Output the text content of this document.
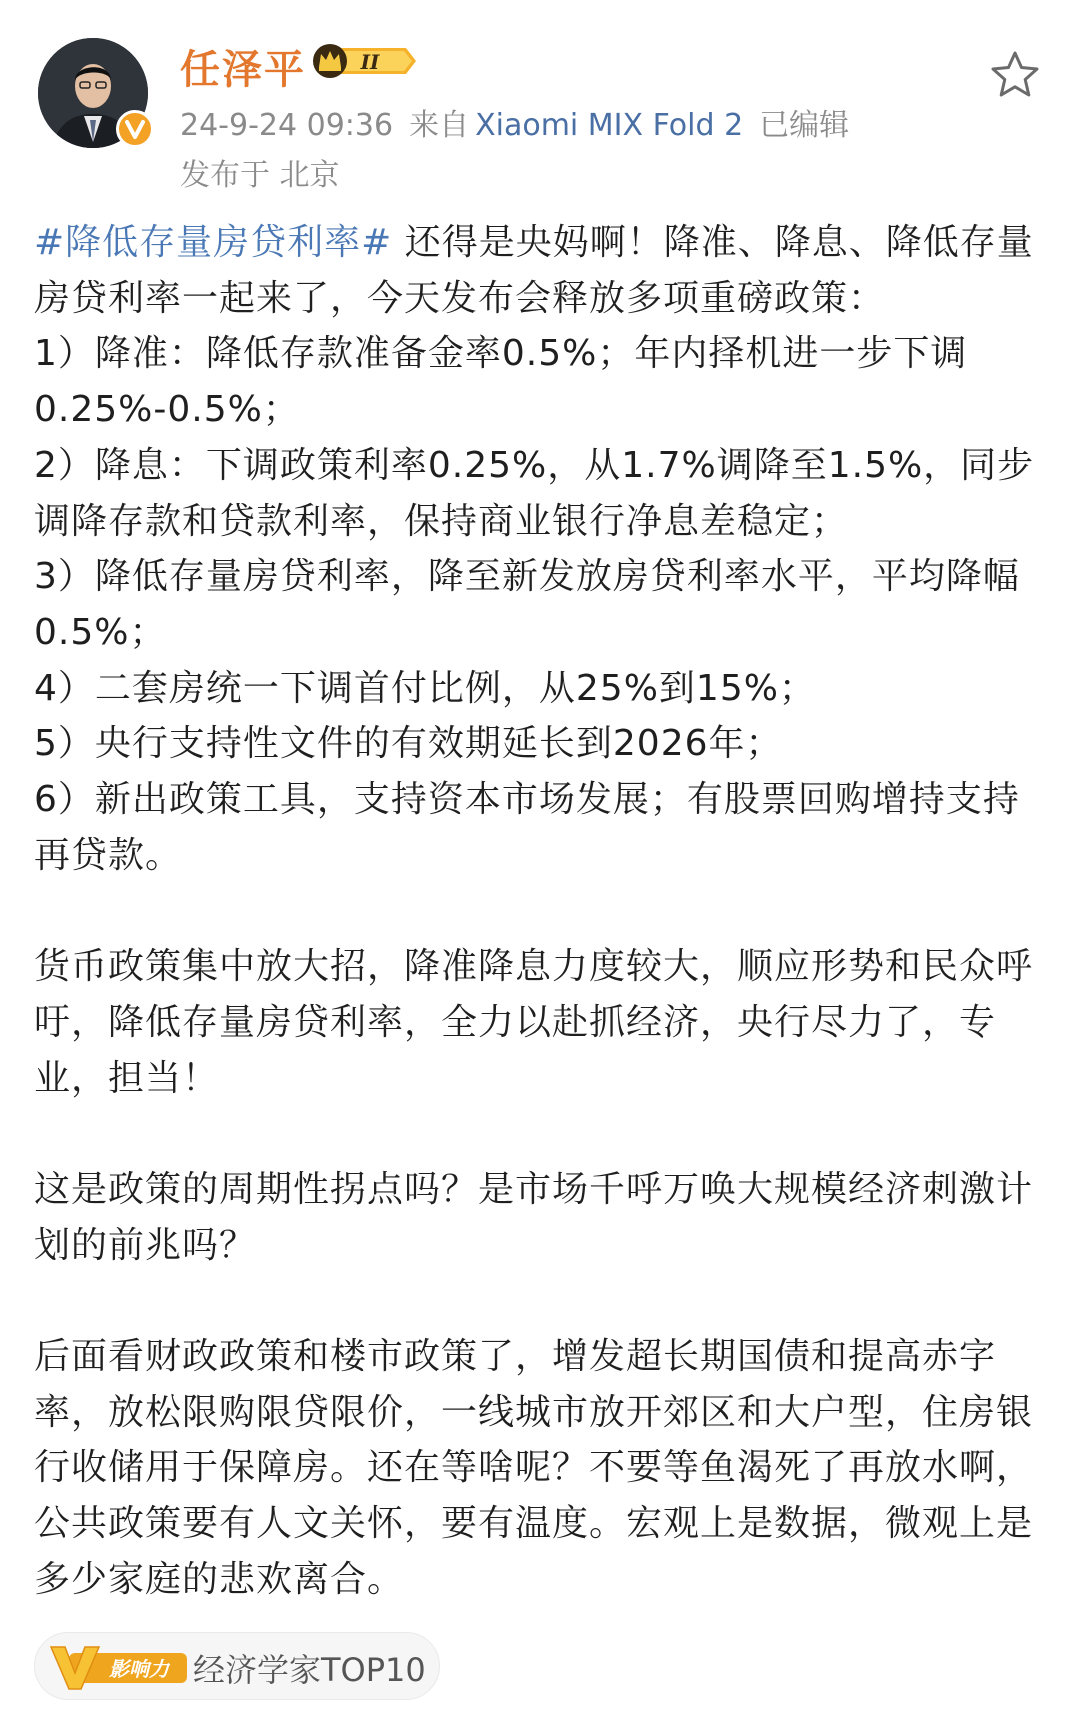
任泽平	II
24-9-24 09:36 来自 Xiaomi MIX Fold 2 已编辑
发布于 北京

#降低存量房贷利率# 还得是央妈啊！降准、降息、降低存量房贷利率一起来了，今天发布会释放多项重磅政策：

1）降准：降低存款准备金率0.5%；年内择机进一步下调0.25%-0.5%；

2）降息：下调政策利率0.25%，从1.7%调降至1.5%，同步调降存款和贷款利率，保持商业银行净息差稳定；

3）降低存量房贷利率，降至新发放房贷利率水平，平均降幅0.5%；

4）二套房统一下调首付比例，从25%到15%；

5）央行支持性文件的有效期延长到2026年；

6）新出政策工具，支持资本市场发展；有股票回购增持支持再贷款。

货币政策集中放大招，降准降息力度较大，顺应形势和民众呼吁，降低存量房贷利率，全力以赴抓经济，央行尽力了，专业，担当！

这是政策的周期性拐点吗？是市场千呼万唤大规模经济刺激计划的前兆吗？

后面看财政政策和楼市政策了，增发超长期国债和提高赤字率，放松限购限贷限价，一线城市放开郊区和大户型，住房银行收储用于保障房。还在等啥呢？不要等鱼渴死了再放水啊，公共政策要有人文关怀，要有温度。宏观上是数据，微观上是多少家庭的悲欢离合。

影响力 经济学家TOP10
